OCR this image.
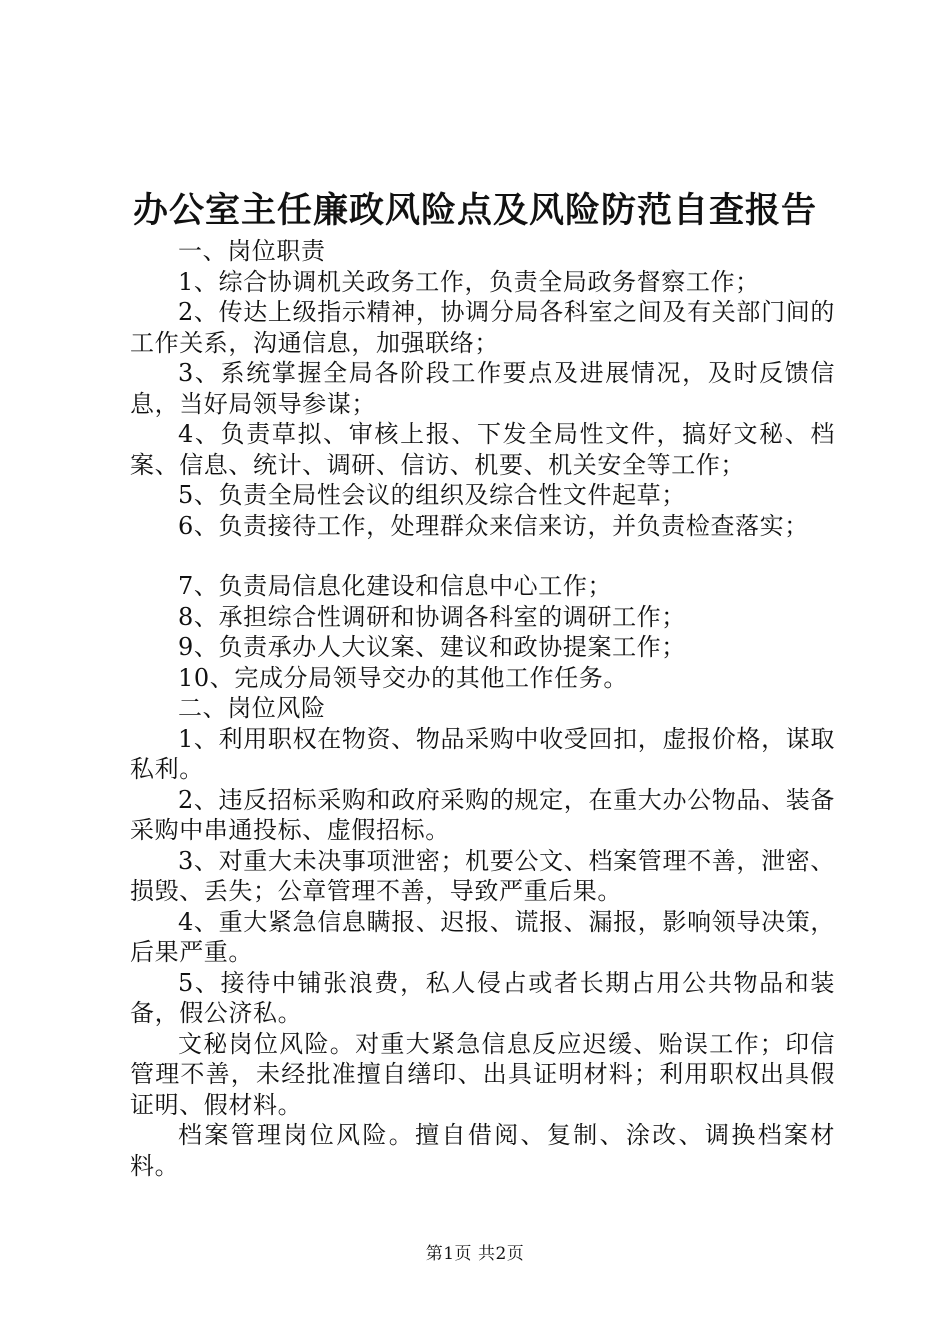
办公室主任廉政风险点及风险防范自查报告

一、岗位职责

1、综合协调机关政务工作，负责全局政务督察工作；

2、传达上级指示精神，协调分局各科室之间及有关部门间的工作关系，沟通信息，加强联络；

3、系统掌握全局各阶段工作要点及进展情况，及时反馈信息，当好局领导参谋；

4、负责草拟、审核上报、下发全局性文件，搞好文秘、档案、信息、统计、调研、信访、机要、机关安全等工作；

5、负责全局性会议的组织及综合性文件起草；

6、负责接待工作，处理群众来信来访，并负责检查落实；

7、负责局信息化建设和信息中心工作；

8、承担综合性调研和协调各科室的调研工作；

9、负责承办人大议案、建议和政协提案工作；

10、完成分局领导交办的其他工作任务。

二、岗位风险

1、利用职权在物资、物品采购中收受回扣，虚报价格，谋取私利。

2、违反招标采购和政府采购的规定，在重大办公物品、装备采购中串通投标、虚假招标。

3、对重大未决事项泄密；机要公文、档案管理不善，泄密、损毁、丢失；公章管理不善，导致严重后果。

4、重大紧急信息瞒报、迟报、谎报、漏报，影响领导决策，后果严重。

5、接待中铺张浪费，私人侵占或者长期占用公共物品和装备，假公济私。

文秘岗位风险。对重大紧急信息反应迟缓、贻误工作；印信管理不善，未经批准擅自缮印、出具证明材料；利用职权出具假证明、假材料。

档案管理岗位风险。擅自借阅、复制、涂改、调换档案材料。

第1页 共2页
